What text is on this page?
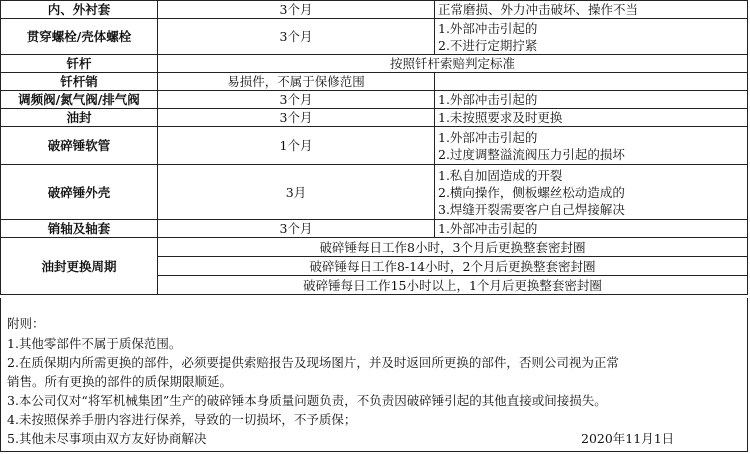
内、外衬套	3个月	正常磨损、外力冲击破坏、操作不当
贯穿螺栓/壳体螺栓	3个月	1.外部冲击引起的
2.不进行定期拧紧

钎杆	按照钎杆索赔判定标准	
钎杆销	易损件，不属于保修范围	
调频阀/氮气阀/排气阀	3个月	1.外部冲击引起的
油封	3个月	1.未按照要求及时更换
破碎锤软管	1个月	1.外部冲击引起的
2.过度调整溢流阀压力引起的损坏

破碎锤外壳	3月	1.私自加固造成的开裂
2.横向操作，侧板螺丝松动造成的
3.焊缝开裂需要客户自己焊接解决

销轴及轴套	3个月	1.外部冲击引起的
油封更换周期	破碎锤每日工作8小时，3个月后更换整套密封圈	
	破碎锤每日工作8-14小时，2个月后更换整套密封圈	
	破碎锤每日工作15小时以上，1个月后更换整套密封圈	
附则：
1.其他零部件不属于质保范围。
2.在质保期内所需更换的部件，必须要提供索赔报告及现场图片，并及时返回所更换的部件，否则公司视为正常
销售。所有更换的部件的质保期限顺延。
3.本公司仅对“将军机械集团”生产的破碎锤本身质量问题负责，不负责因破碎锤引起的其他直接或间接损失。
4.未按照保养手册内容进行保养，导致的一切损坏，不予质保；
5.其他未尽事项由双方友好协商解决	2020年11月1日
